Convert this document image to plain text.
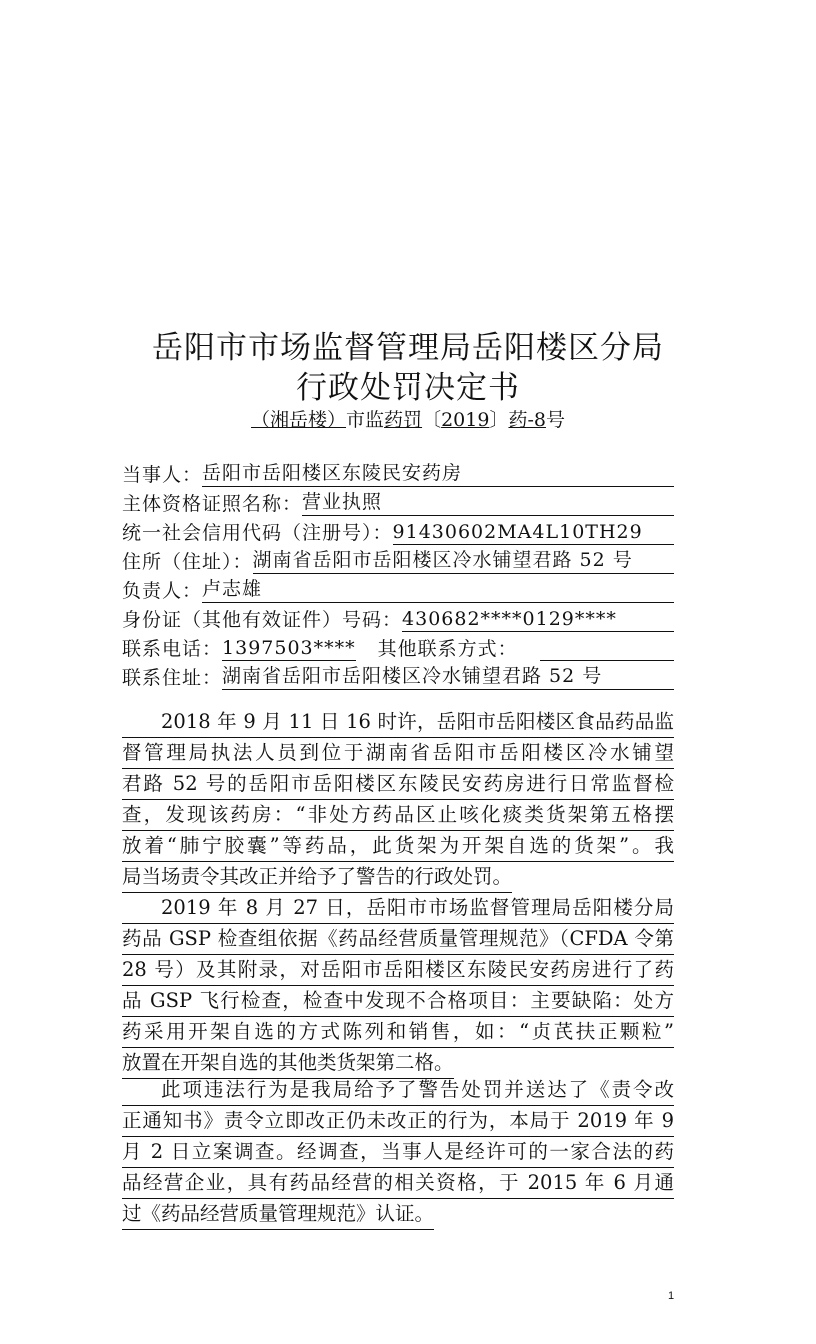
岳阳市市场监督管理局岳阳楼区分局
行政处罚决定书
（湘岳楼）市监药罚〔2019〕药-8号
当事人： 岳阳市岳阳楼区东陵民安药房
主体资格证照名称： 营业执照
统一社会信用代码（注册号）： 91430602MA4L10TH29
住所（住址）： 湖南省岳阳市岳阳楼区冷水铺望君路 52 号
负责人： 卢志雄
身份证（其他有效证件）号码： 430682****0129****
联系电话： 1397503**** 其他联系方式：
联系住址： 湖南省岳阳市岳阳楼区冷水铺望君路 52 号
2018 年 9 月 11 日 16 时许，岳阳市岳阳楼区食品药品监
督管理局执法人员到位于湖南省岳阳市岳阳楼区冷水铺望
君路 52 号的岳阳市岳阳楼区东陵民安药房进行日常监督检
查，发现该药房：“非处方药品区止咳化痰类货架第五格摆
放着“肺宁胶囊”等药品，此货架为开架自选的货架”。我
局当场责令其改正并给予了警告的行政处罚。
2019 年 8 月 27 日，岳阳市市场监督管理局岳阳楼分局
药品 GSP 检查组依据《药品经营质量管理规范》（CFDA 令第
28 号）及其附录，对岳阳市岳阳楼区东陵民安药房进行了药
品 GSP 飞行检查，检查中发现不合格项目：主要缺陷：处方
药采用开架自选的方式陈列和销售，如：“贞芪扶正颗粒”
放置在开架自选的其他类货架第二格。
此项违法行为是我局给予了警告处罚并送达了《责令改
正通知书》责令立即改正仍未改正的行为，本局于 2019 年 9
月 2 日立案调查。经调查，当事人是经许可的一家合法的药
品经营企业，具有药品经营的相关资格，于 2015 年 6 月通
过《药品经营质量管理规范》认证。
1
